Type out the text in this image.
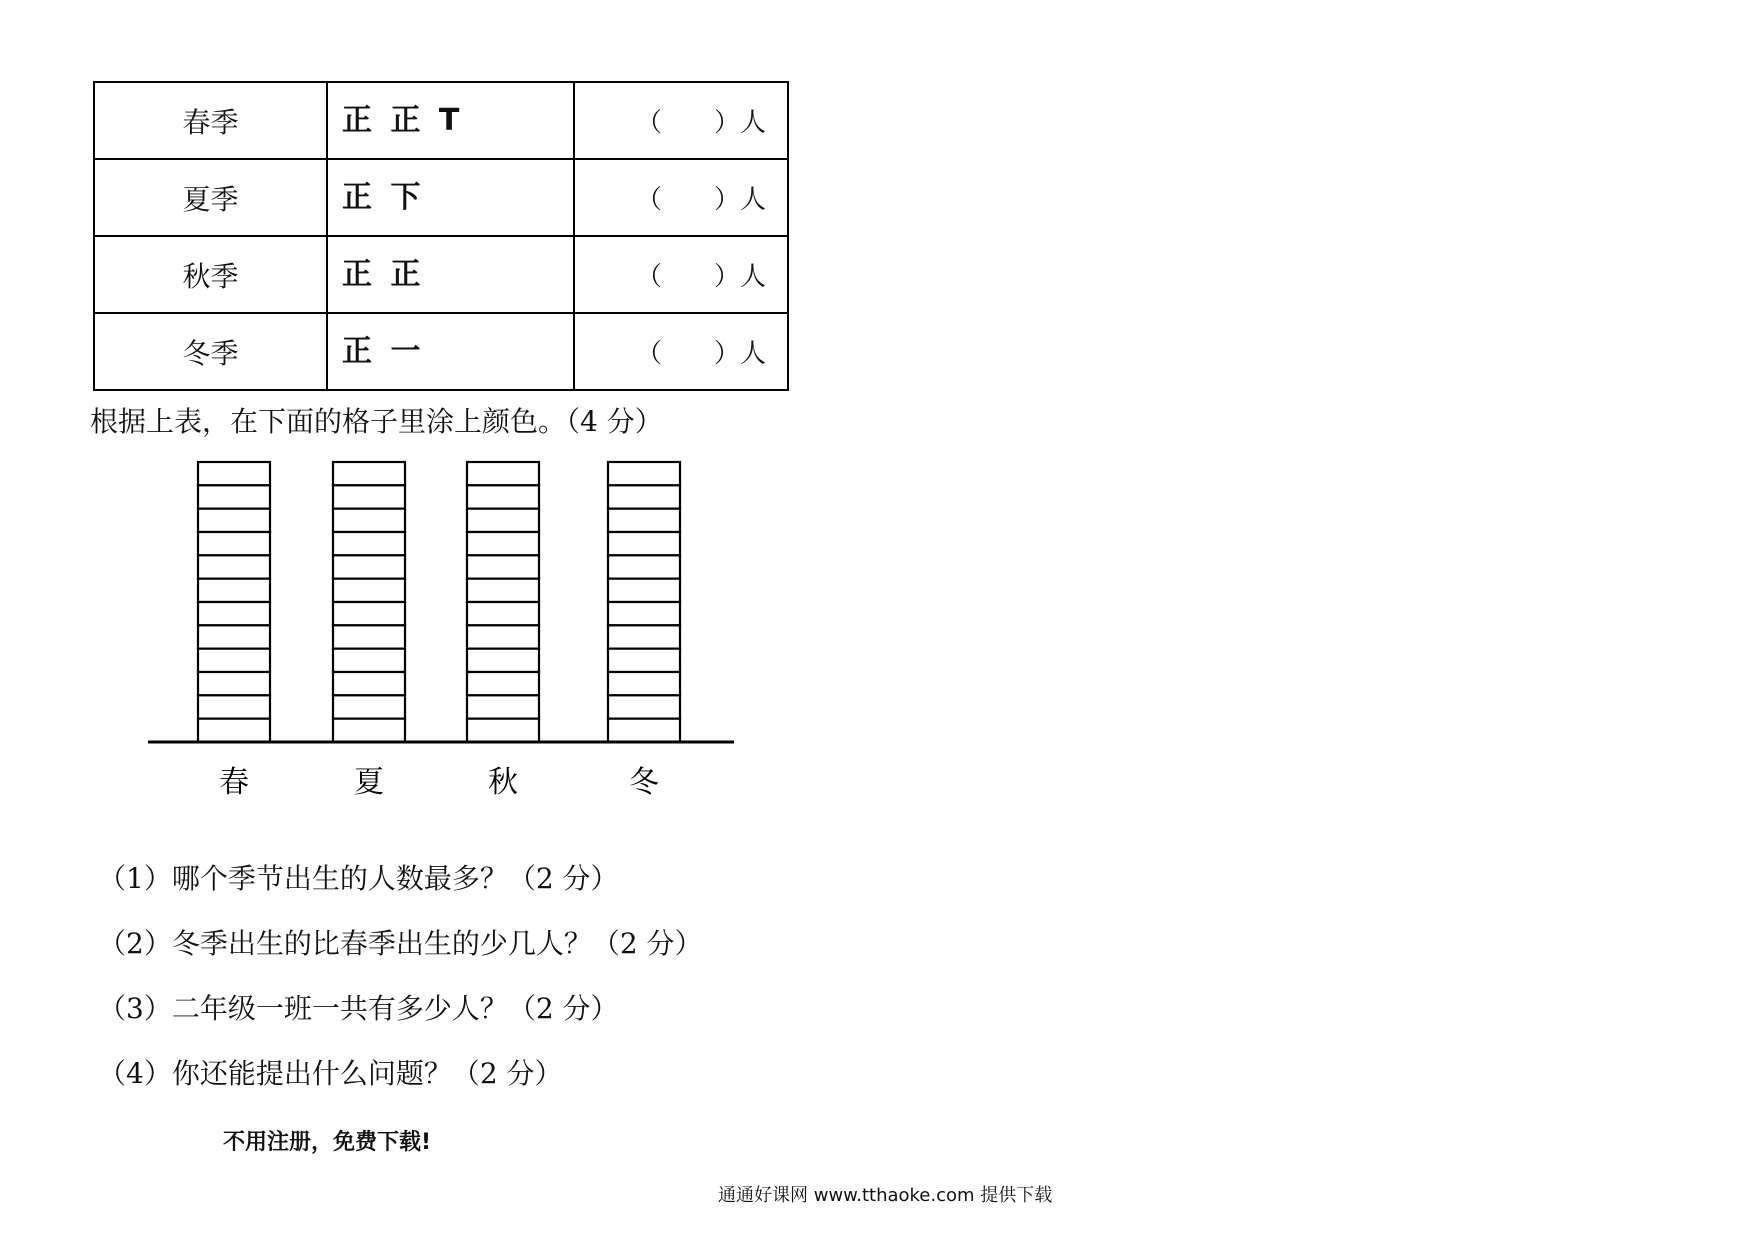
春季	正 正 T	（　　）人
夏季	正 下	（　　）人
秋季	正 正	（　　）人
冬季	正 一	（　　）人
根据上表，在下面的格子里涂上颜色。（4 分）
春	夏	秋	冬
（1）哪个季节出生的人数最多？（2 分）
（2）冬季出生的比春季出生的少几人？（2 分）
（3）二年级一班一共有多少人？（2 分）
（4）你还能提出什么问题？（2 分）
不用注册，免费下载!
通通好课网 www.tthaoke.com 提供下载
